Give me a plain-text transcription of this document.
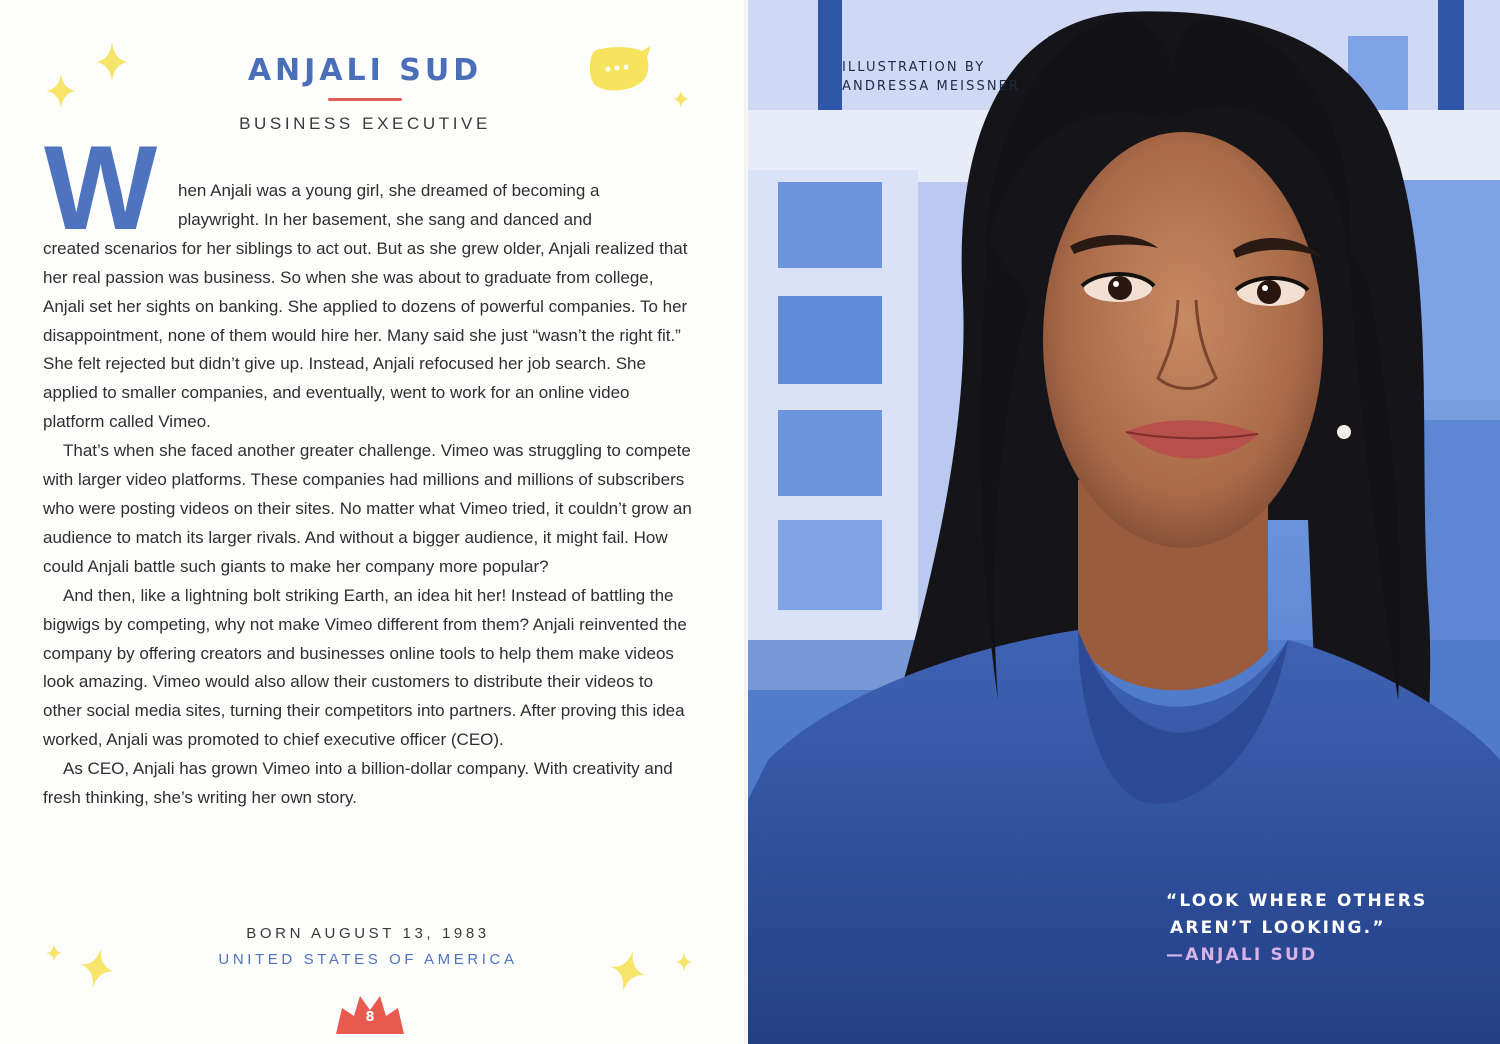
ANJALI SUD
BUSINESS EXECUTIVE
W	hen Anjali was a young girl, she dreamed of becoming a

playwright. In her basement, she sang and danced and

created scenarios for her siblings to act out. But as she grew older, Anjali realized that her real passion was business. So when she was about to graduate from college, Anjali set her sights on banking. She applied to dozens of powerful companies. To her disappointment, none of them would hire her. Many said she just “wasn’t the right fit.” She felt rejected but didn’t give up. Instead, Anjali refocused her job search. She applied to smaller companies, and eventually, went to work for an online video platform called Vimeo.

That’s when she faced another greater challenge. Vimeo was struggling to compete with larger video platforms. These companies had millions and millions of subscribers who were posting videos on their sites. No matter what Vimeo tried, it couldn’t grow an audience to match its larger rivals. And without a bigger audience, it might fail. How could Anjali battle such giants to make her company more popular?

And then, like a lightning bolt striking Earth, an idea hit her! Instead of battling the bigwigs by competing, why not make Vimeo different from them? Anjali reinvented the company by offering creators and businesses online tools to help them make videos look amazing. Vimeo would also allow their customers to distribute their videos to other social media sites, turning their competitors into partners. After proving this idea worked, Anjali was promoted to chief executive officer (CEO).

As CEO, Anjali has grown Vimeo into a billion-dollar company. With creativity and fresh thinking, she’s writing her own story.

BORN AUGUST 13, 1983
UNITED STATES OF AMERICA
8
ILLUSTRATION BY
ANDRESSA MEISSNER
“LOOK WHERE OTHERS
AREN’T LOOKING.”
—ANJALI SUD
